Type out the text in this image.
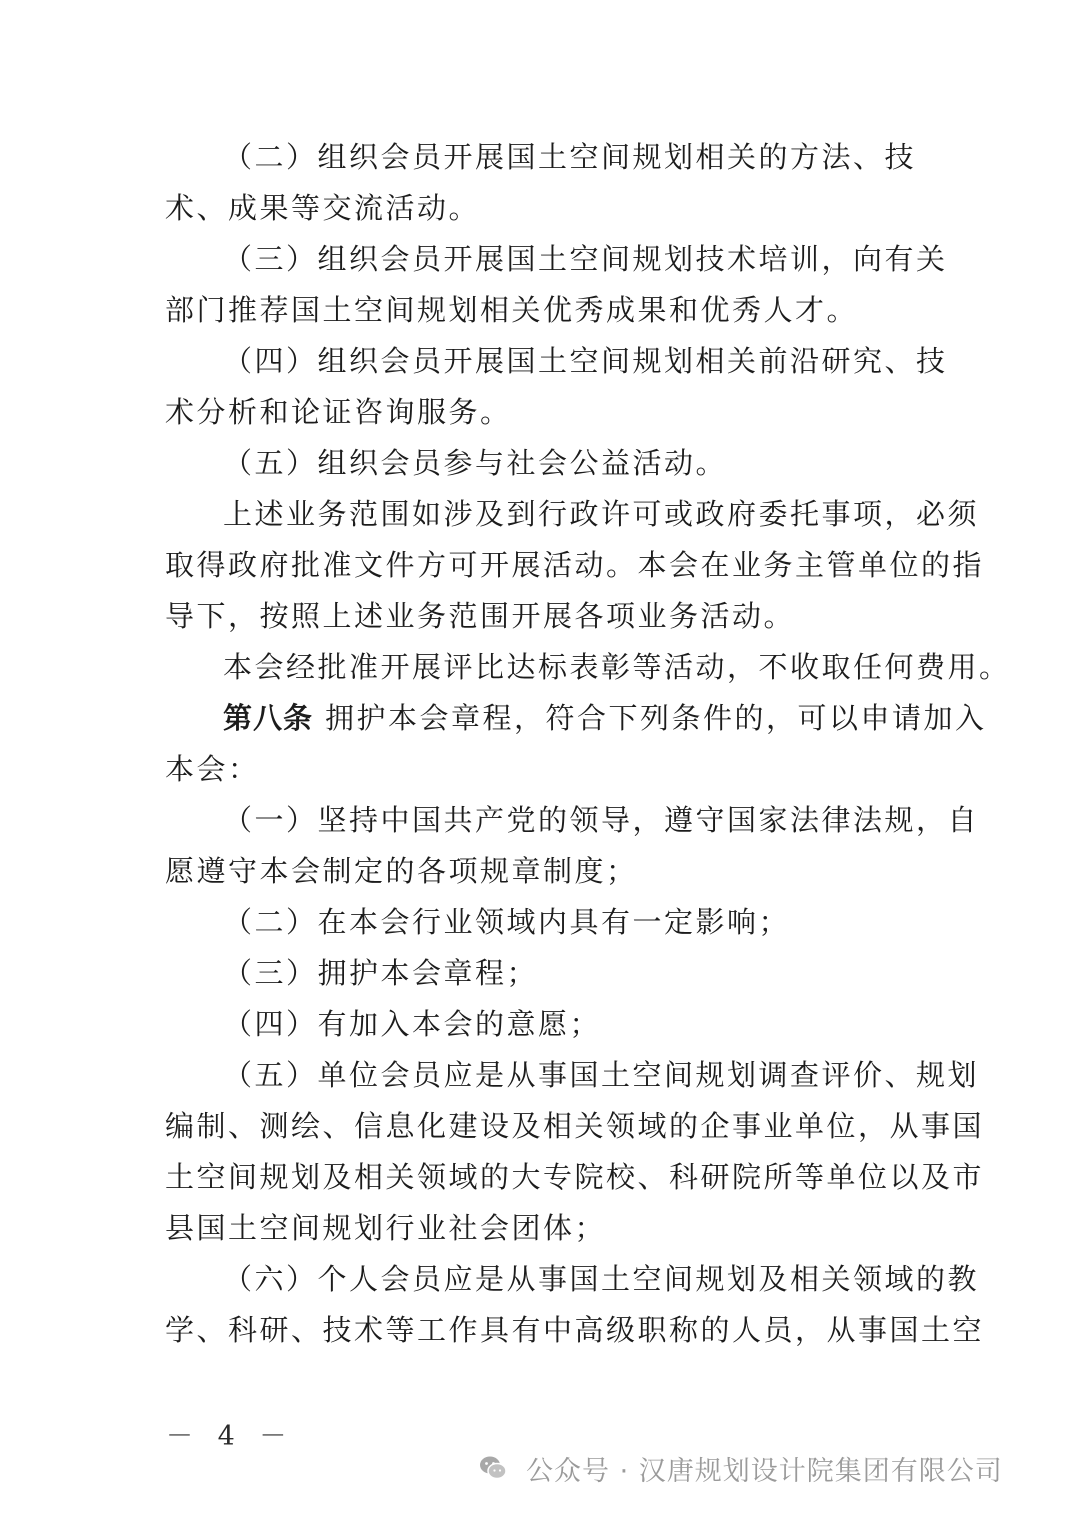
（二）组织会员开展国土空间规划相关的方法、技
术、成果等交流活动。

（三）组织会员开展国土空间规划技术培训，向有关
部门推荐国土空间规划相关优秀成果和优秀人才。

（四）组织会员开展国土空间规划相关前沿研究、技
术分析和论证咨询服务。

（五）组织会员参与社会公益活动。

上述业务范围如涉及到行政许可或政府委托事项，必须
取得政府批准文件方可开展活动。本会在业务主管单位的指
导下，按照上述业务范围开展各项业务活动。

本会经批准开展评比达标表彰等活动，不收取任何费用。

第八条 拥护本会章程，符合下列条件的，可以申请加入
本会：

（一）坚持中国共产党的领导，遵守国家法律法规，自
愿遵守本会制定的各项规章制度；

（二）在本会行业领域内具有一定影响；

（三）拥护本会章程；

（四）有加入本会的意愿；

（五）单位会员应是从事国土空间规划调查评价、规划
编制、测绘、信息化建设及相关领域的企事业单位，从事国
土空间规划及相关领域的大专院校、科研院所等单位以及市
县国土空间规划行业社会团体；

（六）个人会员应是从事国土空间规划及相关领域的教
学、科研、技术等工作具有中高级职称的人员，从事国土空

－ 4 －
公众号 · 汉唐规划设计院集团有限公司
